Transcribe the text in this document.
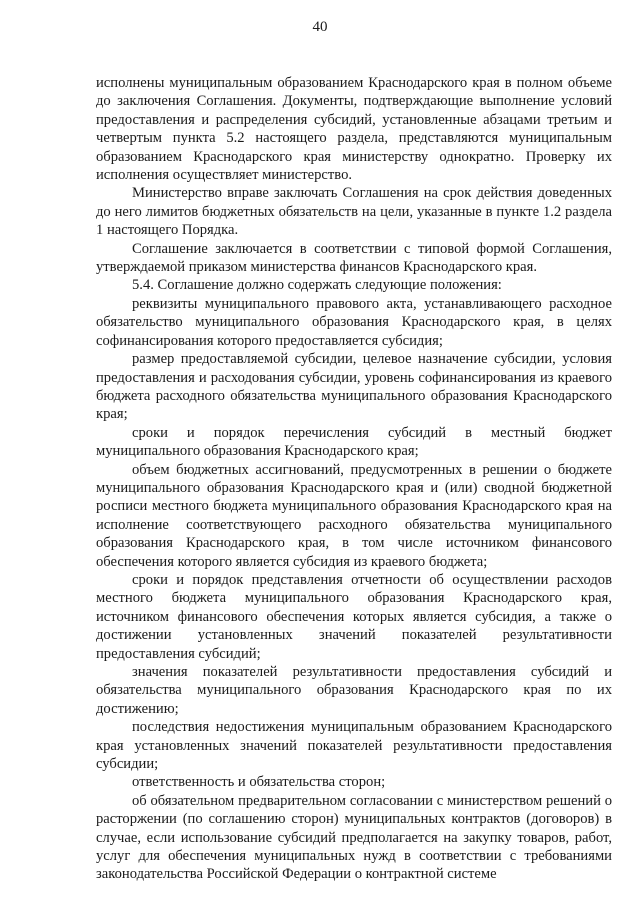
40

исполнены муниципальным образованием Краснодарского края в полном объеме до заключения Соглашения. Документы, подтверждающие выполнение условий предоставления и распределения субсидий, установленные абзацами третьим и четвертым пункта 5.2 настоящего раздела, представляются муниципальным образованием Краснодарского края министерству однократно. Проверку их исполнения осуществляет министерство.

Министерство вправе заключать Соглашения на срок действия доведенных до него лимитов бюджетных обязательств на цели, указанные в пункте 1.2 раздела 1 настоящего Порядка.

Соглашение заключается в соответствии с типовой формой Соглашения, утверждаемой приказом министерства финансов Краснодарского края.

5.4. Соглашение должно содержать следующие положения:

реквизиты муниципального правового акта, устанавливающего расходное обязательство муниципального образования Краснодарского края, в целях софинансирования которого предоставляется субсидия;

размер предоставляемой субсидии, целевое назначение субсидии, условия предоставления и расходования субсидии, уровень софинансирования из краевого бюджета расходного обязательства муниципального образования Краснодарского края;

сроки и порядок перечисления субсидий в местный бюджет муниципального образования Краснодарского края;

объем бюджетных ассигнований, предусмотренных в решении о бюджете муниципального образования Краснодарского края и (или) сводной бюджетной росписи местного бюджета муниципального образования Краснодарского края на исполнение соответствующего расходного обязательства муниципального образования Краснодарского края, в том числе источником финансового обеспечения которого является субсидия из краевого бюджета;

сроки и порядок представления отчетности об осуществлении расходов местного бюджета муниципального образования Краснодарского края, источником финансового обеспечения которых является субсидия, а также о достижении установленных значений показателей результативности предоставления субсидий;

значения показателей результативности предоставления субсидий и обязательства муниципального образования Краснодарского края по их достижению;

последствия недостижения муниципальным образованием Краснодарского края установленных значений показателей результативности предоставления субсидии;

ответственность и обязательства сторон;

об обязательном предварительном согласовании с министерством решений о расторжении (по соглашению сторон) муниципальных контрактов (договоров) в случае, если использование субсидий предполагается на закупку товаров, работ, услуг для обеспечения муниципальных нужд в соответствии с требованиями законодательства Российской Федерации о контрактной системе
